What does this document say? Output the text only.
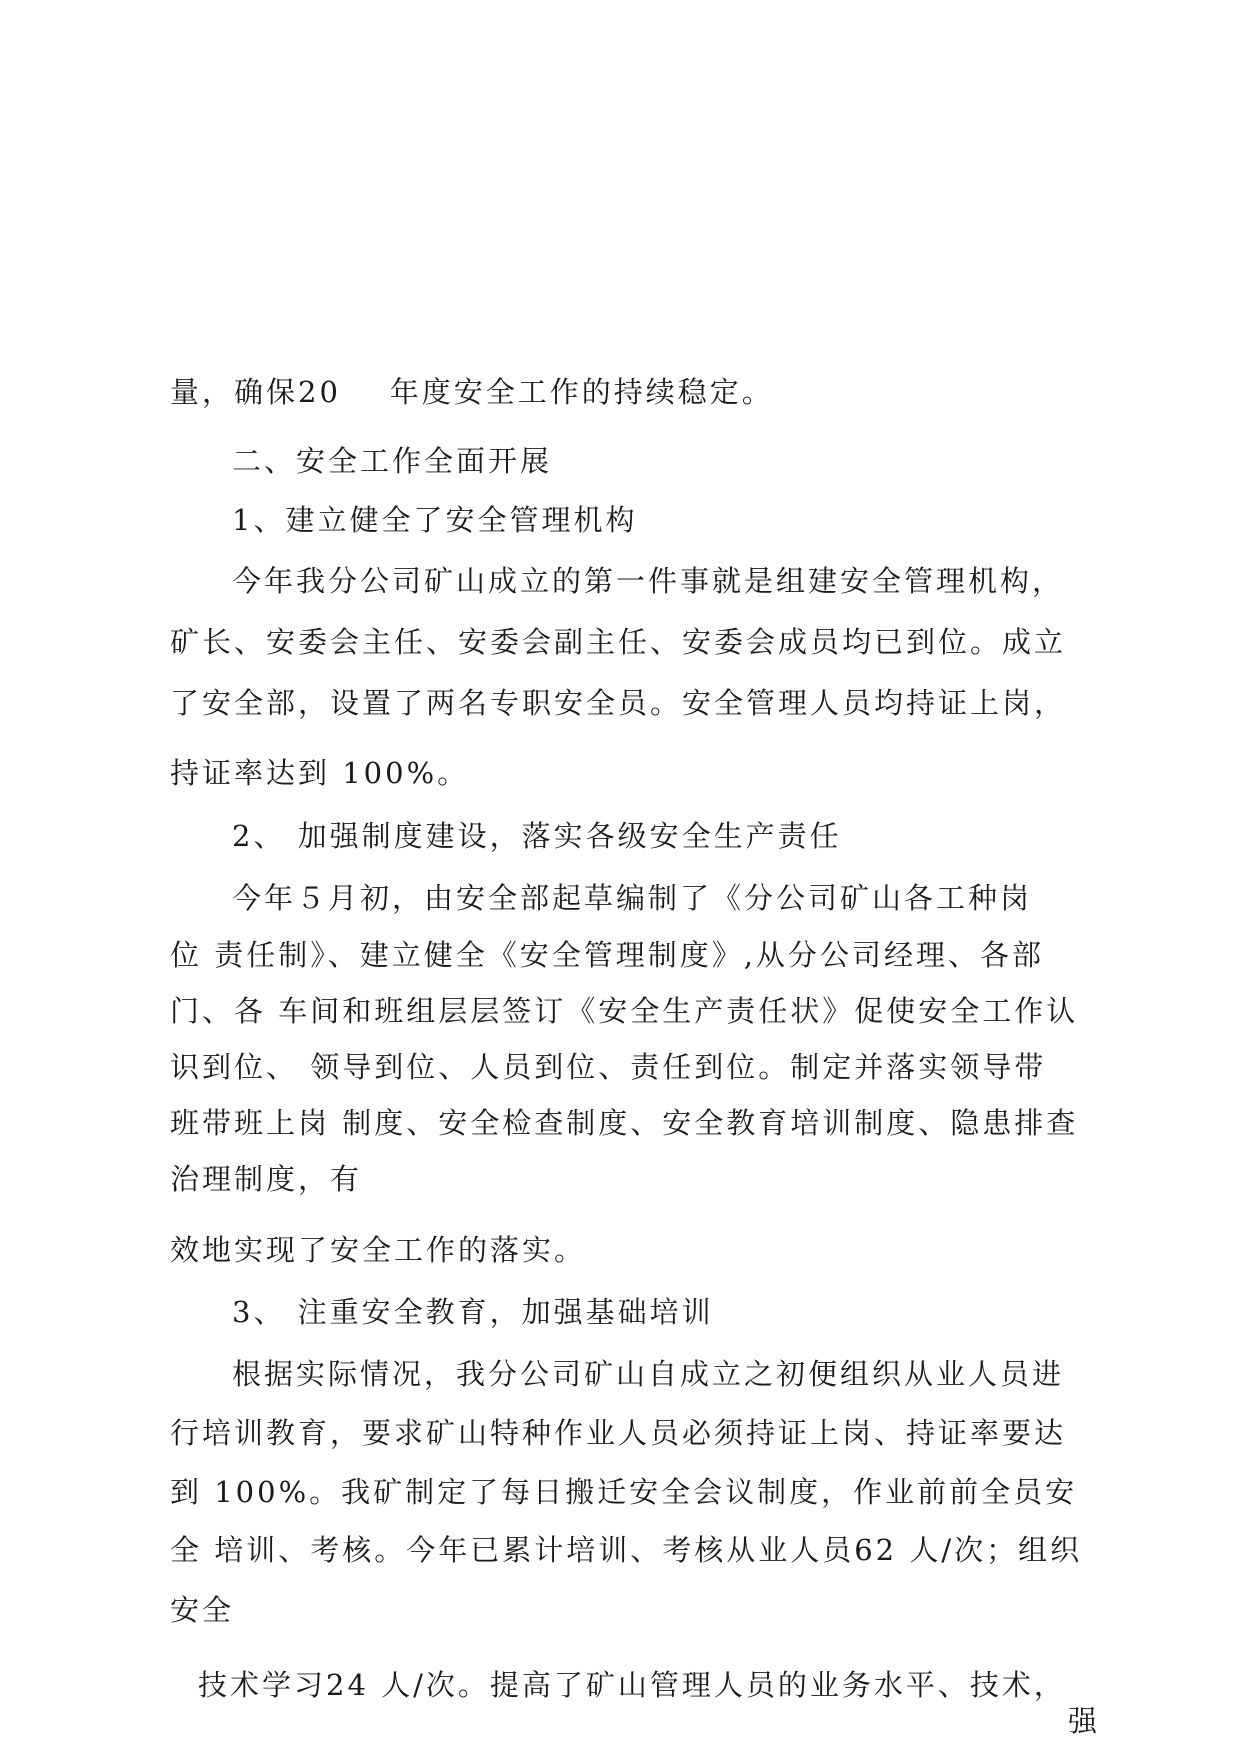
量，确保20    年度安全工作的持续稳定。
二、安全工作全面开展
1、建立健全了安全管理机构
今年我分公司矿山成立的第一件事就是组建安全管理机构，
矿长、安委会主任、安委会副主任、安委会成员均已到位。成立
了安全部，设置了两名专职安全员。安全管理人员均持证上岗，
持证率达到 100%。
2、 加强制度建设，落实各级安全生产责任
今年５月初，由安全部起草编制了《分公司矿山各工种岗
位 责任制》、建立健全《安全管理制度》,从分公司经理、各部
门、各 车间和班组层层签订《安全生产责任状》促使安全工作认
识到位、 领导到位、人员到位、责任到位。制定并落实领导带
班带班上岗 制度、安全检查制度、安全教育培训制度、隐患排查
治理制度，有
效地实现了安全工作的落实。
3、 注重安全教育，加强基础培训
根据实际情况，我分公司矿山自成立之初便组织从业人员进
行培训教育，要求矿山特种作业人员必须持证上岗、持证率要达
到 100%。我矿制定了每日搬迁安全会议制度，作业前前全员安
全 培训、考核。今年已累计培训、考核从业人员62 人/次；组织
安全
技术学习24 人/次。提高了矿山管理人员的业务水平、技术，
强
